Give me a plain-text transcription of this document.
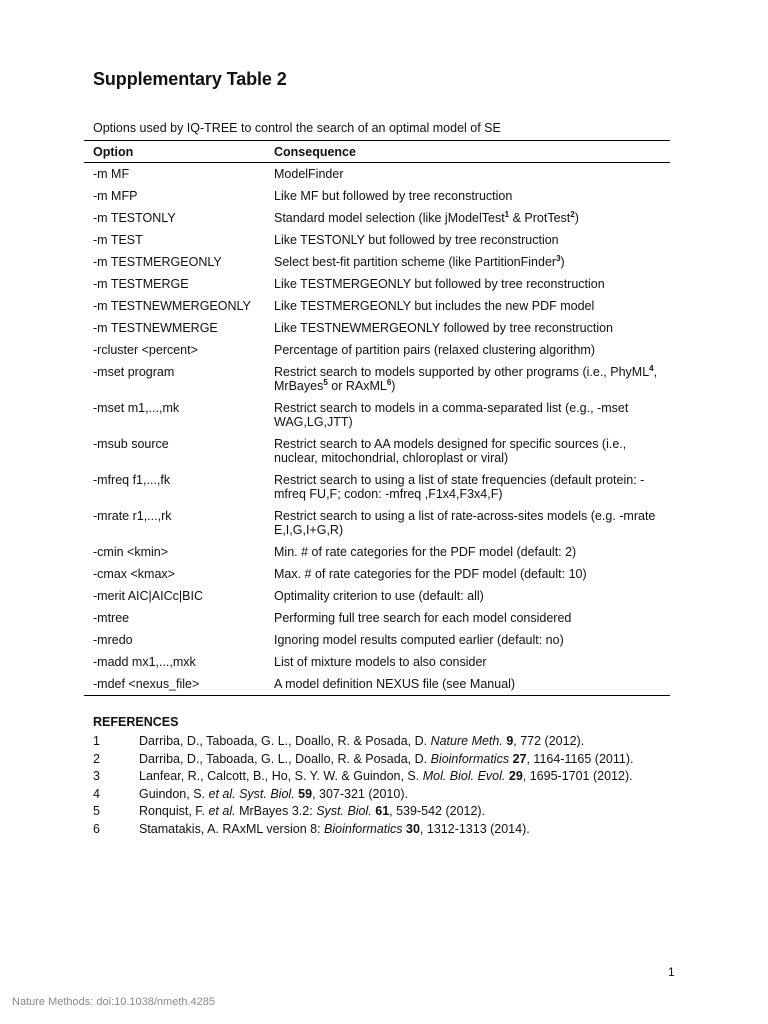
Supplementary Table 2
Options used by IQ-TREE to control the search of an optimal model of SE
Option	Consequence
-m MF	ModelFinder
-m MFP	Like MF but followed by tree reconstruction
-m TESTONLY	Standard model selection (like jModelTest$^1$ & ProtTest$^2$)
-m TEST	Like TESTONLY but followed by tree reconstruction
-m TESTMERGEONLY	Select best-fit partition scheme (like PartitionFinder$^3$)
-m TESTMERGE	Like TESTMERGEONLY but followed by tree reconstruction
-m TESTNEWMERGEONLY	Like TESTMERGEONLY but includes the new PDF model
-m TESTNEWMERGE	Like TESTNEWMERGEONLY followed by tree reconstruction
-rcluster <percent>	Percentage of partition pairs (relaxed clustering algorithm)
-mset program	Restrict search to models supported by other programs (i.e., PhyML$^4$, MrBayes$^5$ or RAxML$^6$)
-mset m1,...,mk	Restrict search to models in a comma-separated list (e.g., -mset WAG,LG,JTT)
-msub source	Restrict search to AA models designed for specific sources (i.e., nuclear, mitochondrial, chloroplast or viral)
-mfreq f1,...,fk	Restrict search to using a list of state frequencies (default protein: -mfreq FU,F; codon: -mfreq ,F1x4,F3x4,F)
-mrate r1,...,rk	Restrict search to using a list of rate-across-sites models (e.g. -mrate E,I,G,I+G,R)
-cmin <kmin>	Min. # of rate categories for the PDF model (default: 2)
-cmax <kmax>	Max. # of rate categories for the PDF model (default: 10)
-merit AIC|AICc|BIC	Optimality criterion to use (default: all)
-mtree	Performing full tree search for each model considered
-mredo	Ignoring model results computed earlier (default: no)
-madd mx1,...,mxk	List of mixture models to also consider
-mdef <nexus_file>	A model definition NEXUS file (see Manual)
REFERENCES
1	Darriba, D., Taboada, G. L., Doallo, R. & Posada, D. Nature Meth. 9, 772 (2012).
2	Darriba, D., Taboada, G. L., Doallo, R. & Posada, D. Bioinformatics 27, 1164-1165 (2011).
3	Lanfear, R., Calcott, B., Ho, S. Y. W. & Guindon, S. Mol. Biol. Evol. 29, 1695-1701 (2012).
4	Guindon, S. et al. Syst. Biol. 59, 307-321 (2010).
5	Ronquist, F. et al. MrBayes 3.2: Syst. Biol. 61, 539-542 (2012).
6	Stamatakis, A. RAxML version 8: Bioinformatics 30, 1312-1313 (2014).
1
Nature Methods: doi:10.1038/nmeth.4285
